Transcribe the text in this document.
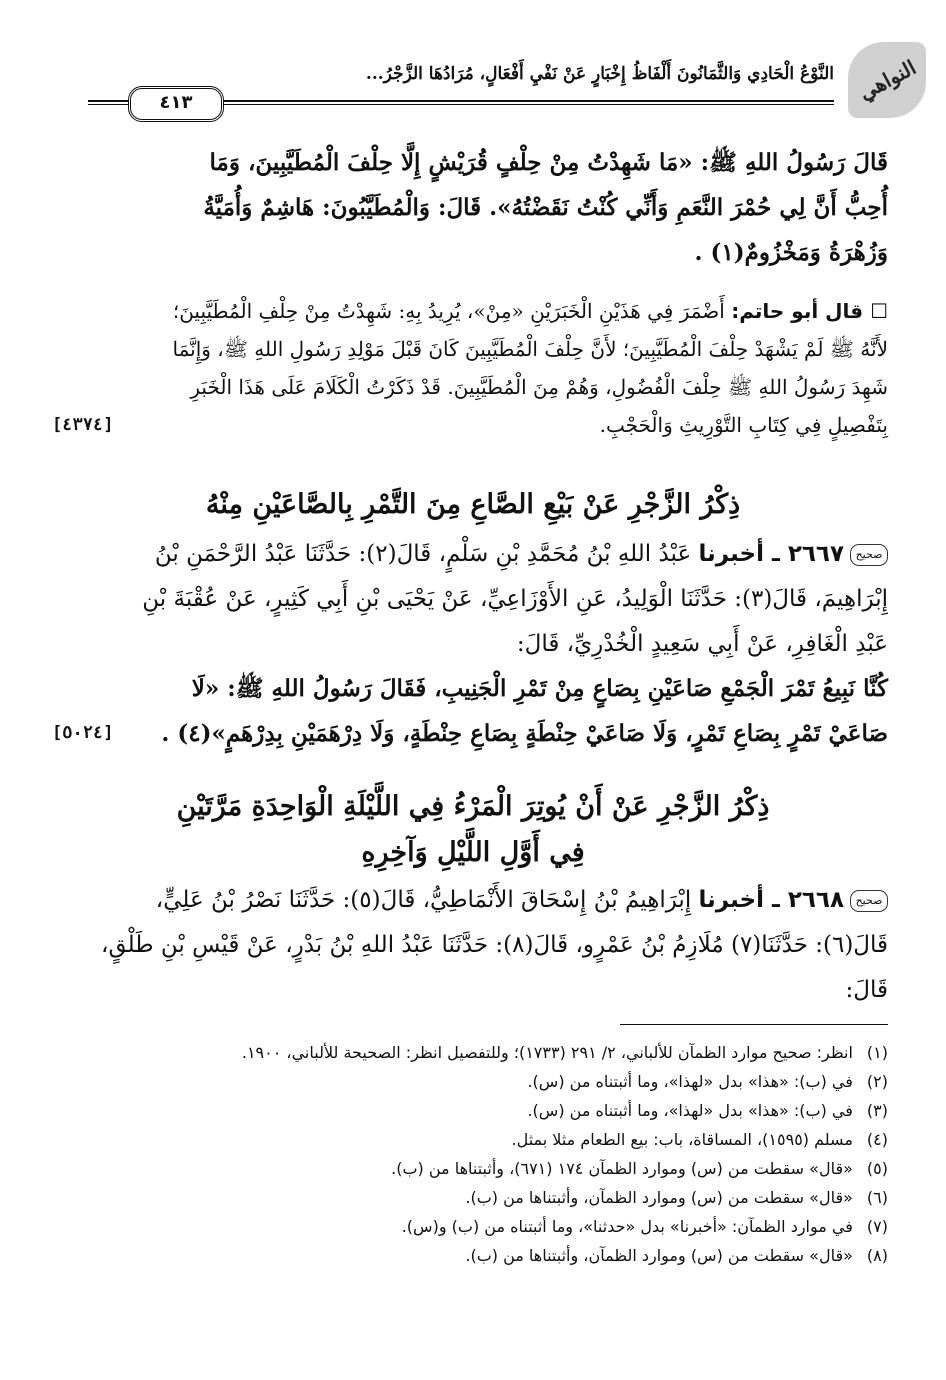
النواهي
النَّوْعُ الْحَادِي وَالثَّمَانُونَ أَلْفَاظُ إِخْبَارٍ عَنْ نَفْيِ أَفْعَالٍ، مُرَادُهَا الزَّجْرُ...
٤١٣

قَالَ رَسُولُ اللهِ ﷺ: «مَا شَهِدْتُ مِنْ حِلْفٍ قُرَيْشٍ إِلَّا حِلْفَ الْمُطَيَّبِينَ، وَمَا

أُحِبُّ أَنَّ لِي حُمْرَ النَّعَمِ وَأَنِّي كُنْتُ نَقَضْتُهُ». قَالَ: وَالْمُطَيَّبُونَ: هَاشِمٌ وَأُمَيَّةُ

وَزُهْرَةُ وَمَخْزُومٌ(١) .

☐ قال أبو حاتم: أَضْمَرَ فِي هَذَيْنِ الْخَبَرَيْنِ «مِنْ»، يُرِيدُ بِهِ: شَهِدْتُ مِنْ حِلْفِ الْمُطَيَّبِينَ؛

لأَنَّهُ ﷺ لَمْ يَشْهَدْ حِلْفَ الْمُطَيَّبِينَ؛ لأَنَّ حِلْفَ الْمُطَيَّبِينَ كَانَ قَبْلَ مَوْلِدِ رَسُولِ اللهِ ﷺ، وَإِنَّمَا

شَهِدَ رَسُولُ اللهِ ﷺ حِلْفَ الْفُضُولِ، وَهُمْ مِنَ الْمُطَيَّبِينَ. قَدْ ذَكَرْتُ الْكَلَامَ عَلَى هَذَا الْخَبَرِ

بِتَفْصِيلٍ فِي كِتَابِ التَّوْرِيثِ وَالْحَجْبِ.
[٤٣٧٤]

ذِكْرُ الزَّجْرِ عَنْ بَيْعِ الصَّاعِ مِنَ التَّمْرِ بِالصَّاعَيْنِ مِنْهُ

صحيح٢٦٦٧ ـ أخبرنا عَبْدُ اللهِ بْنُ مُحَمَّدِ بْنِ سَلْمٍ، قَالَ(٢): حَدَّثَنَا عَبْدُ الرَّحْمَنِ بْنُ

إِبْرَاهِيمَ، قَالَ(٣): حَدَّثَنَا الْوَلِيدُ، عَنِ الأَوْزَاعِيِّ، عَنْ يَحْيَى بْنِ أَبِي كَثِيرٍ، عَنْ عُقْبَةَ بْنِ

عَبْدِ الْغَافِرِ، عَنْ أَبِي سَعِيدٍ الْخُدْرِيِّ، قَالَ:

كُنَّا نَبِيعُ تَمْرَ الْجَمْعِ صَاعَيْنِ بِصَاعٍ مِنْ تَمْرِ الْجَنِيبِ، فَقَالَ رَسُولُ اللهِ ﷺ: «لَا

صَاعَيْ تَمْرٍ بِصَاعِ تَمْرٍ، وَلَا صَاعَيْ حِنْطَةٍ بِصَاعِ حِنْطَةٍ، وَلَا دِرْهَمَيْنِ بِدِرْهَمٍ»(٤) .
[٥٠٢٤]

ذِكْرُ الزَّجْرِ عَنْ أَنْ يُوتِرَ الْمَرْءُ فِي اللَّيْلَةِ الْوَاحِدَةِ مَرَّتَيْنِ
فِي أَوَّلِ اللَّيْلِ وَآخِرِهِ

صحيح٢٦٦٨ ـ أخبرنا إِبْرَاهِيمُ بْنُ إِسْحَاقَ الأَنْمَاطِيُّ، قَالَ(٥): حَدَّثَنَا نَصْرُ بْنُ عَلِيٍّ،

قَالَ(٦): حَدَّثَنَا(٧) مُلَازِمُ بْنُ عَمْرٍو، قَالَ(٨): حَدَّثَنَا عَبْدُ اللهِ بْنُ بَدْرٍ، عَنْ قَيْسِ بْنِ طَلْقٍ،

قَالَ:

(١)
انظر: صحيح موارد الظمآن للألباني، ٢/ ٢٩١ (١٧٣٣)؛ وللتفصيل انظر: الصحيحة للألباني، ١٩٠٠.
(٢)
في (ب): «هذا» بدل «لهذا»، وما أثبتناه من (س).
(٣)
في (ب): «هذا» بدل «لهذا»، وما أثبتناه من (س).
(٤)
مسلم (١٥٩٥)، المساقاة، باب: بيع الطعام مثلا بمثل.
(٥)
«قال» سقطت من (س) وموارد الظمآن ١٧٤ (٦٧١)، وأثبتناها من (ب).
(٦)
«قال» سقطت من (س) وموارد الظمآن، وأثبتناها من (ب).
(٧)
في موارد الظمآن: «أخبرنا» بدل «حدثنا»، وما أثبتناه من (ب) و(س).
(٨)
«قال» سقطت من (س) وموارد الظمآن، وأثبتناها من (ب).
